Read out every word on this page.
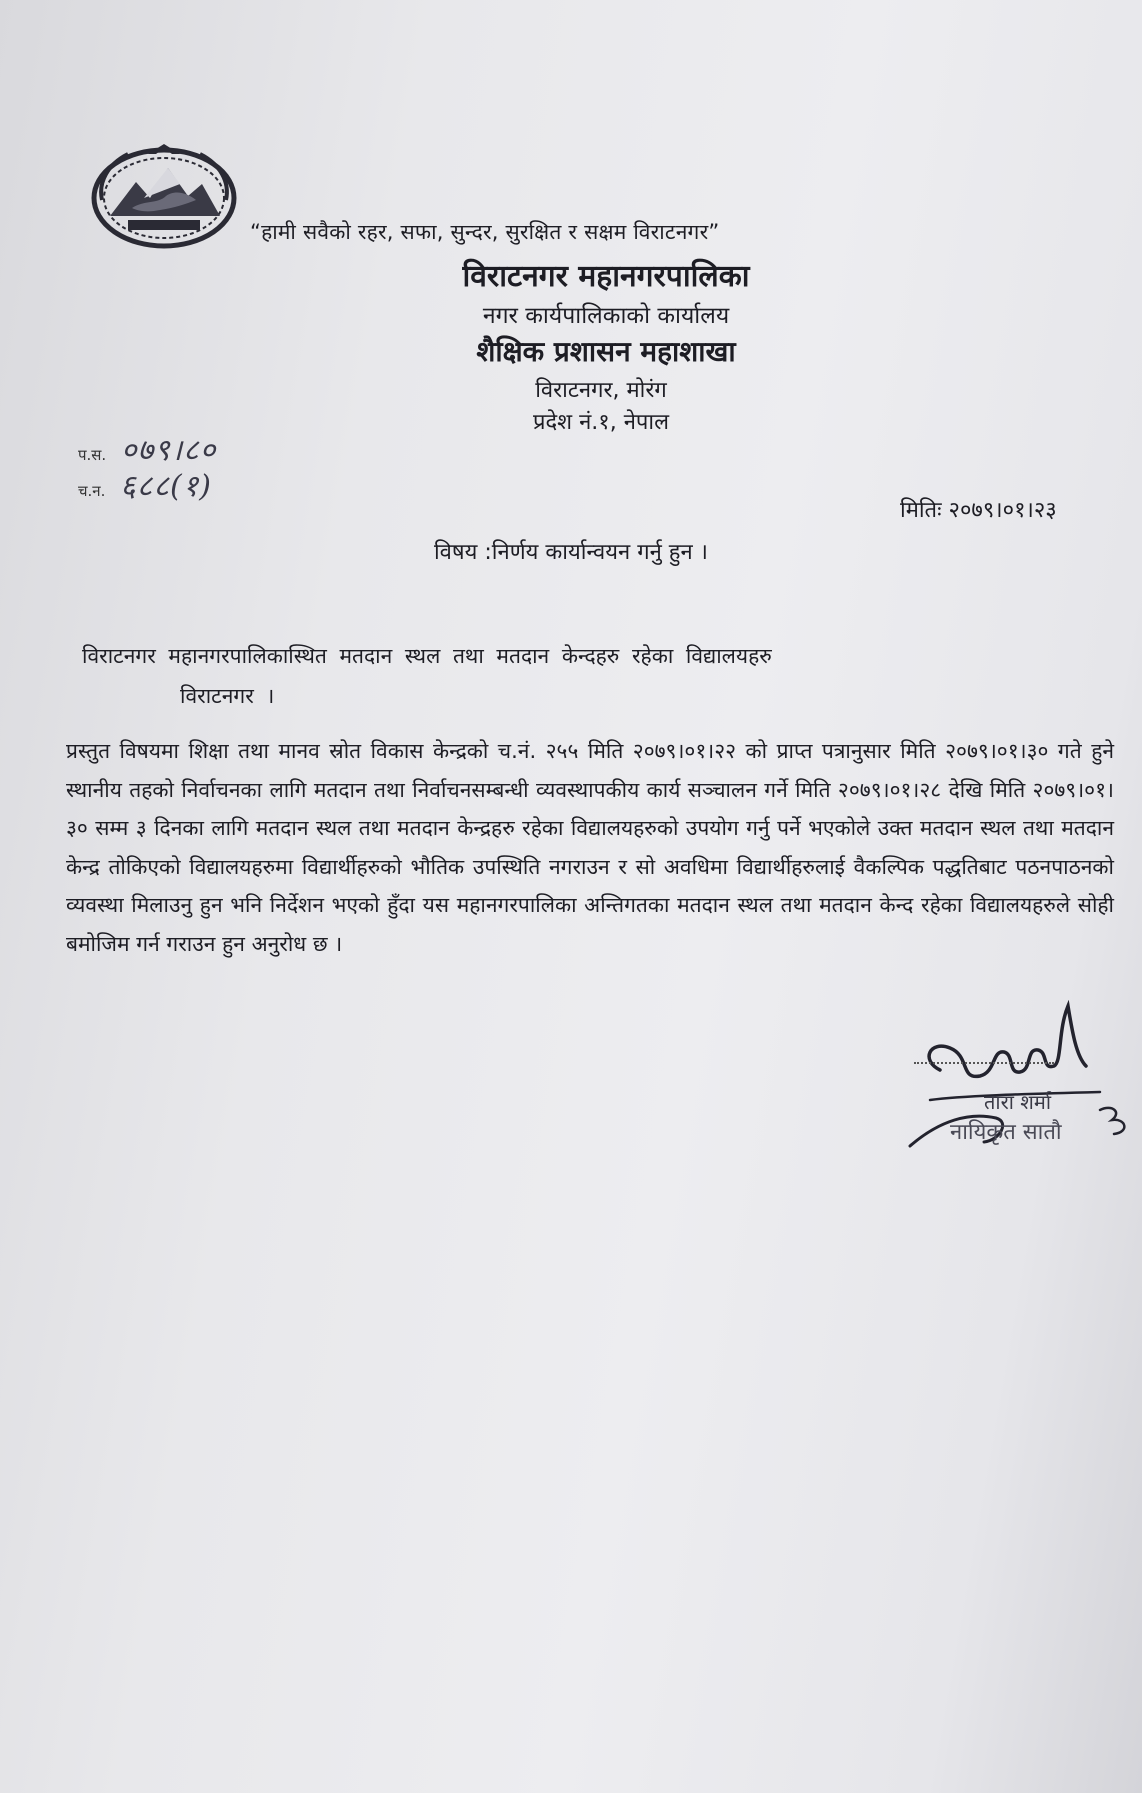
“हामी सवैको रहर, सफा, सुन्दर, सुरक्षित र सक्षम विराटनगर”
विराटनगर महानगरपालिका
नगर कार्यपालिकाको कार्यालय
शैक्षिक प्रशासन महाशाखा
विराटनगर, मोरंग
प्रदेश नं.१, नेपाल
प.स. ०७९।८०
च.न. ६८८(१)
मितिः २०७९।०१।२३
विषय :निर्णय कार्यान्वयन गर्नु हुन ।
विराटनगर महानगरपालिकास्थित मतदान स्थल तथा मतदान केन्दहरु रहेका विद्यालयहरु
विराटनगर ।
प्रस्तुत विषयमा शिक्षा तथा मानव स्रोत विकास केन्द्रको च.नं. २५५ मिति २०७९।०१।२२ को प्राप्त पत्रानुसार मिति २०७९।०१।३० गते हुने स्थानीय तहको निर्वाचनका लागि मतदान तथा निर्वाचनसम्बन्धी व्यवस्थापकीय कार्य सञ्चालन गर्ने मिति २०७९।०१।२८ देखि मिति २०७९।०१।३० सम्म ३ दिनका लागि मतदान स्थल तथा मतदान केन्द्रहरु रहेका विद्यालयहरुको उपयोग गर्नु पर्ने भएकोले उक्त मतदान स्थल तथा मतदान केन्द्र तोकिएको विद्यालयहरुमा विद्यार्थीहरुको भौतिक उपस्थिति नगराउन र सो अवधिमा विद्यार्थीहरुलाई वैकल्पिक पद्धतिबाट पठनपाठनको व्यवस्था मिलाउनु हुन भनि निर्देशन भएको हुँदा यस महानगरपालिका अन्तिगतका मतदान स्थल तथा मतदान केन्द रहेका विद्यालयहरुले सोही बमोजिम गर्न गराउन हुन अनुरोध छ ।
तारा शर्मा
नायिकृत सातौ
